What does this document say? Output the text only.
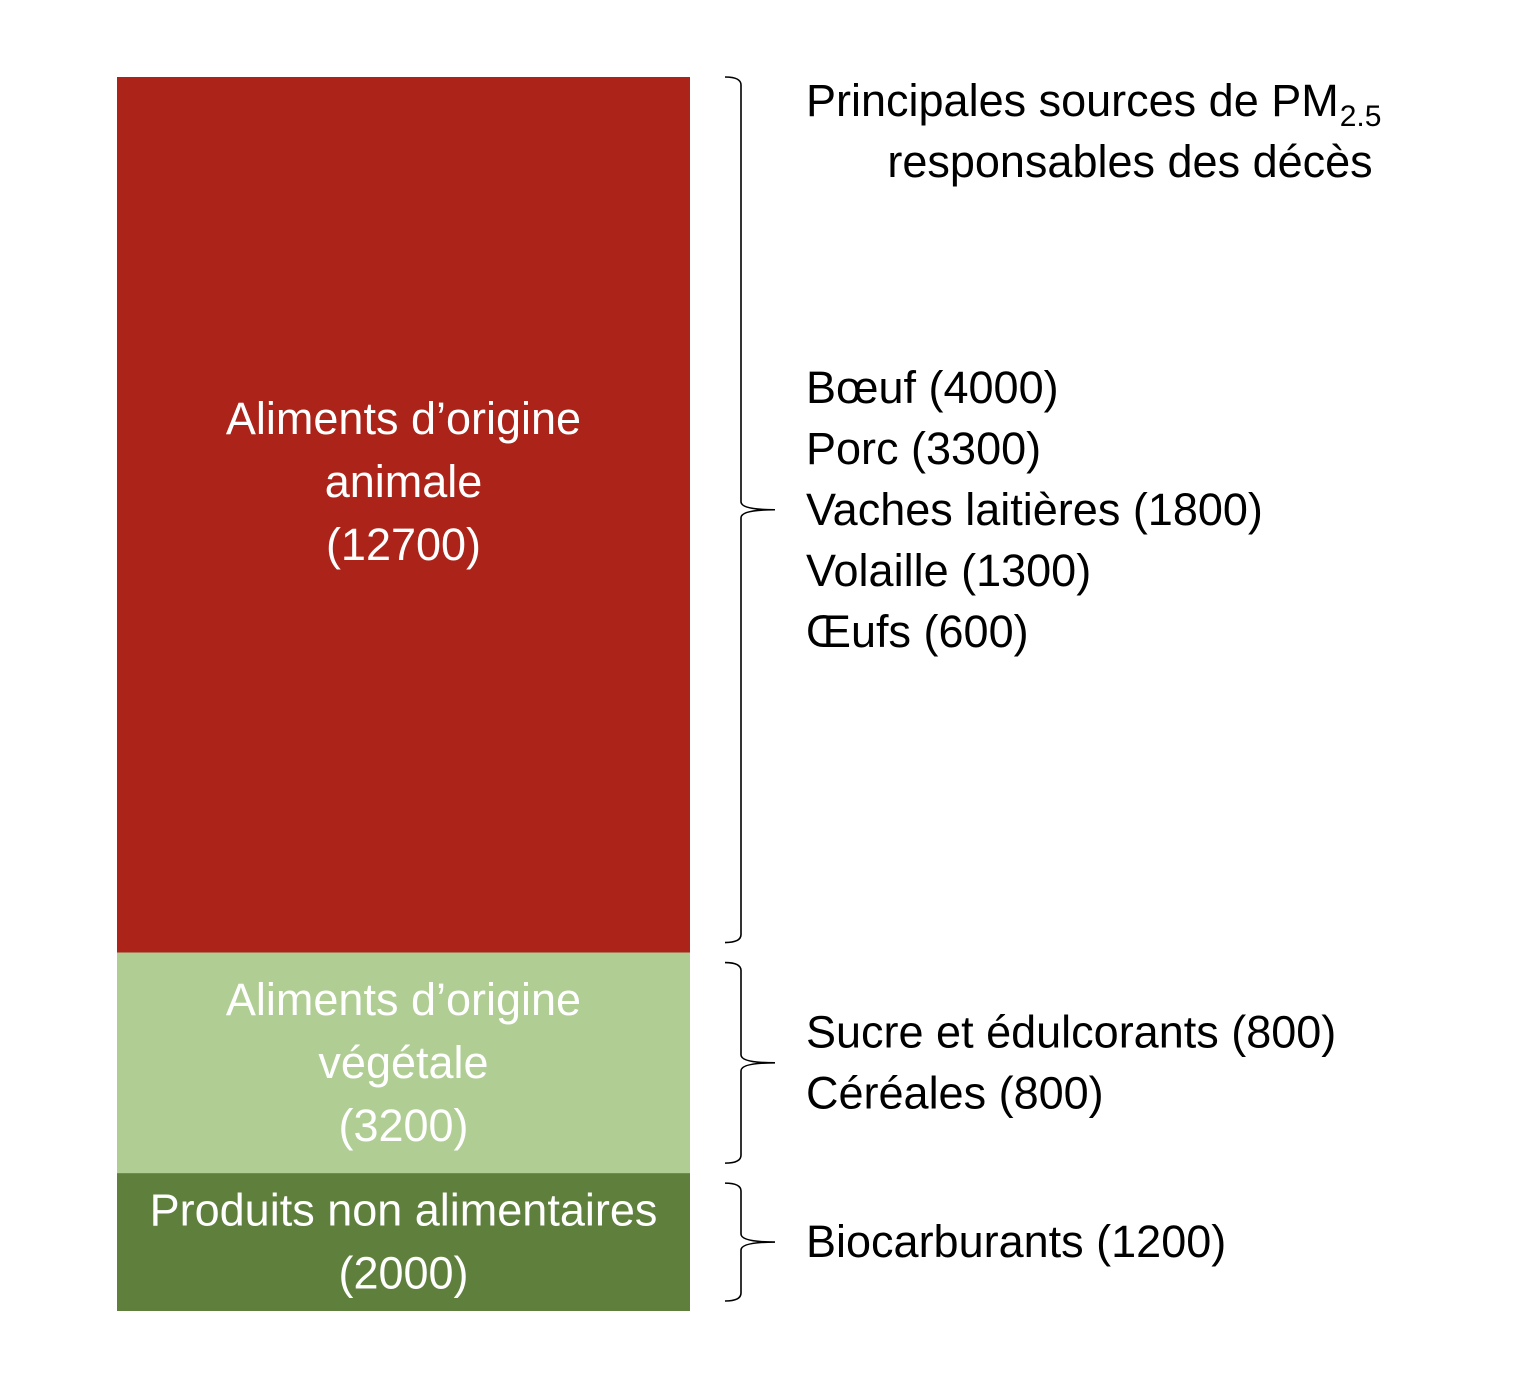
Principales sources de $PM_{2.5}$
responsables des décès
Aliments d’origine
animale
(12700)
Aliments d’origine
végétale
(3200)
Produits non alimentaires
(2000)
Bœuf (4000)
Porc (3300)
Vaches laitières (1800)
Volaille (1300)
Œufs (600)
Sucre et édulcorants (800)
Céréales (800)
Biocarburants (1200)
